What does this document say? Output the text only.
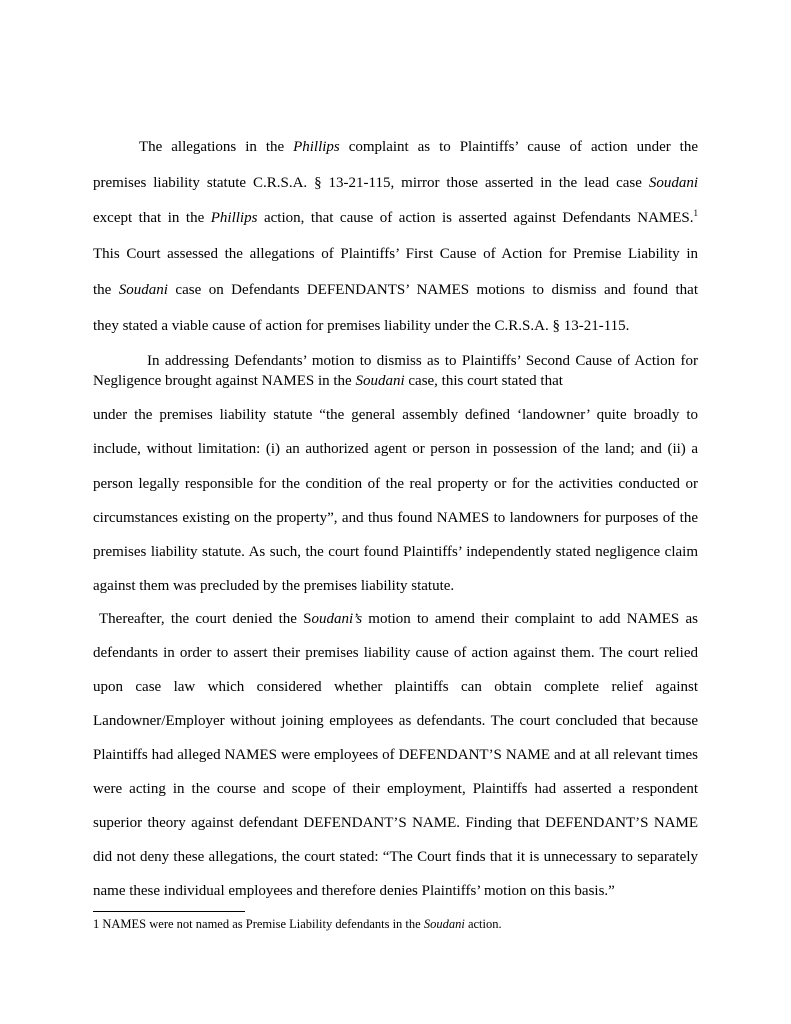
The allegations in the Phillips complaint as to Plaintiffs’ cause of action under the
premises liability statute C.R.S.A. § 13-21-115, mirror those asserted in the lead case Soudani
except that in the Phillips action, that cause of action is asserted against Defendants NAMES.$^1$
This Court assessed the allegations of Plaintiffs’ First Cause of Action for Premise Liability in
the Soudani case on Defendants DEFENDANTS’ NAMES motions to dismiss and found that
they stated a viable cause of action for premises liability under the C.R.S.A. § 13-21-115.
In addressing Defendants’ motion to dismiss as to Plaintiffs’ Second Cause of Action for
Negligence brought against NAMES in the Soudani case, this court stated that
under the premises liability statute “the general assembly defined ‘landowner’ quite broadly to
include, without limitation: (i) an authorized agent or person in possession of the land; and (ii) a
person legally responsible for the condition of the real property or for the activities conducted or
circumstances existing on the property”, and thus found NAMES to landowners for purposes of the
premises liability statute. As such, the court found Plaintiffs’ independently stated negligence claim
against them was precluded by the premises liability statute.
Thereafter, the court denied the Soudani’s motion to amend their complaint to add NAMES as
defendants in order to assert their premises liability cause of action against them. The court relied
upon case law which considered whether plaintiffs can obtain complete relief against
Landowner/Employer without joining employees as defendants. The court concluded that because
Plaintiffs had alleged NAMES were employees of DEFENDANT’S NAME and at all relevant times
were acting in the course and scope of their employment, Plaintiffs had asserted a respondent
superior theory against defendant DEFENDANT’S NAME. Finding that DEFENDANT’S NAME
did not deny these allegations, the court stated: “The Court finds that it is unnecessary to separately
name these individual employees and therefore denies Plaintiffs’ motion on this basis.”
1 NAMES were not named as Premise Liability defendants in the Soudani action.
